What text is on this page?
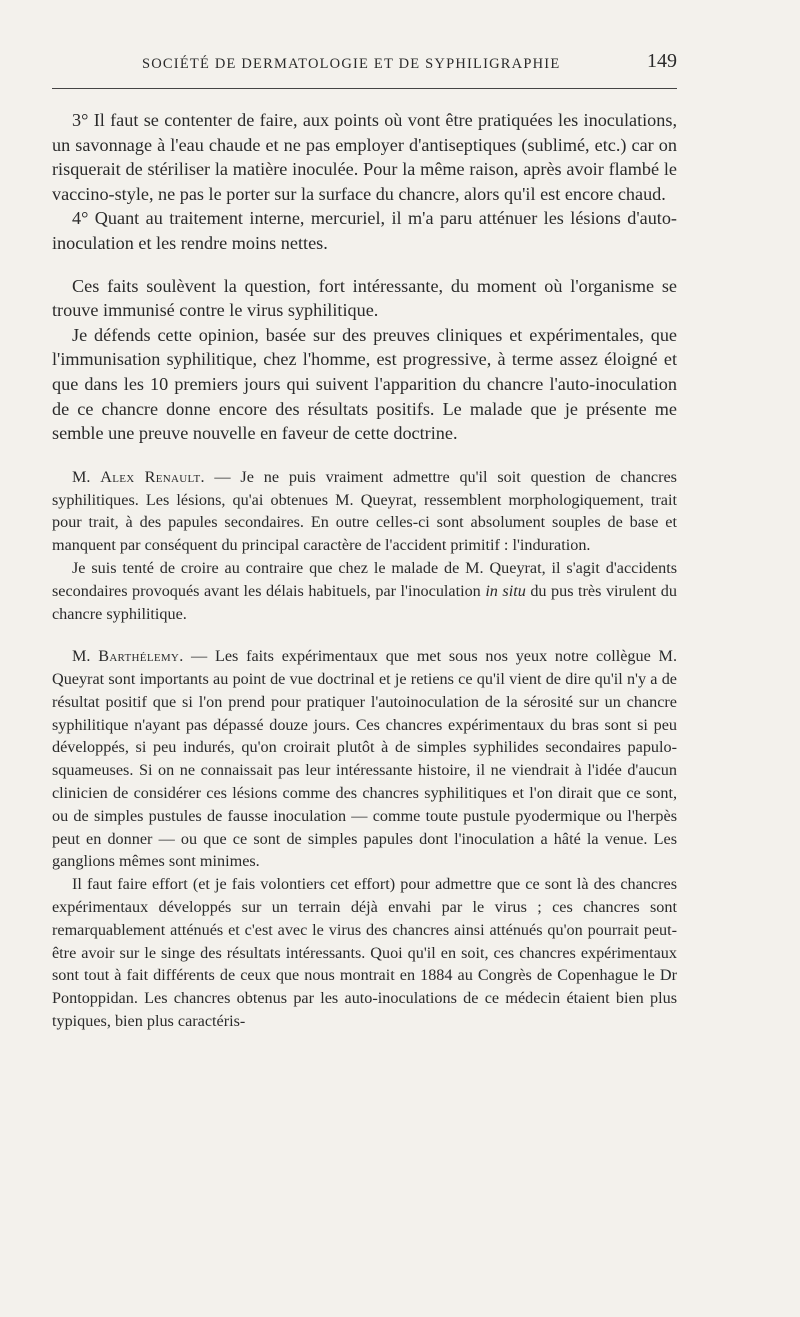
SOCIÉTÉ DE DERMATOLOGIE ET DE SYPHILIGRAPHIE	149

3° Il faut se contenter de faire, aux points où vont être pratiquées les inoculations, un savonnage à l'eau chaude et ne pas employer d'antiseptiques (sublimé, etc.) car on risquerait de stériliser la matière inoculée. Pour la même raison, après avoir flambé le vaccino-style, ne pas le porter sur la surface du chancre, alors qu'il est encore chaud.

4° Quant au traitement interne, mercuriel, il m'a paru atténuer les lésions d'auto-inoculation et les rendre moins nettes.

Ces faits soulèvent la question, fort intéressante, du moment où l'organisme se trouve immunisé contre le virus syphilitique.

Je défends cette opinion, basée sur des preuves cliniques et expérimentales, que l'immunisation syphilitique, chez l'homme, est progressive, à terme assez éloigné et que dans les 10 premiers jours qui suivent l'apparition du chancre l'auto-inoculation de ce chancre donne encore des résultats positifs. Le malade que je présente me semble une preuve nouvelle en faveur de cette doctrine.

M. Alex Renault. — Je ne puis vraiment admettre qu'il soit question de chancres syphilitiques. Les lésions, qu'ai obtenues M. Queyrat, ressemblent morphologiquement, trait pour trait, à des papules secondaires. En outre celles-ci sont absolument souples de base et manquent par conséquent du principal caractère de l'accident primitif : l'induration.

Je suis tenté de croire au contraire que chez le malade de M. Queyrat, il s'agit d'accidents secondaires provoqués avant les délais habituels, par l'inoculation in situ du pus très virulent du chancre syphilitique.

M. Barthélemy. — Les faits expérimentaux que met sous nos yeux notre collègue M. Queyrat sont importants au point de vue doctrinal et je retiens ce qu'il vient de dire qu'il n'y a de résultat positif que si l'on prend pour pratiquer l'autoinoculation de la sérosité sur un chancre syphilitique n'ayant pas dépassé douze jours. Ces chancres expérimentaux du bras sont si peu développés, si peu indurés, qu'on croirait plutôt à de simples syphilides secondaires papulo-squameuses. Si on ne connaissait pas leur intéressante histoire, il ne viendrait à l'idée d'aucun clinicien de considérer ces lésions comme des chancres syphilitiques et l'on dirait que ce sont, ou de simples pustules de fausse inoculation — comme toute pustule pyodermique ou l'herpès peut en donner — ou que ce sont de simples papules dont l'inoculation a hâté la venue. Les ganglions mêmes sont minimes.

Il faut faire effort (et je fais volontiers cet effort) pour admettre que ce sont là des chancres expérimentaux développés sur un terrain déjà envahi par le virus ; ces chancres sont remarquablement atténués et c'est avec le virus des chancres ainsi atténués qu'on pourrait peut-être avoir sur le singe des résultats intéressants. Quoi qu'il en soit, ces chancres expérimentaux sont tout à fait différents de ceux que nous montrait en 1884 au Congrès de Copenhague le Dr Pontoppidan. Les chancres obtenus par les auto-inoculations de ce médecin étaient bien plus typiques, bien plus caractéris-
